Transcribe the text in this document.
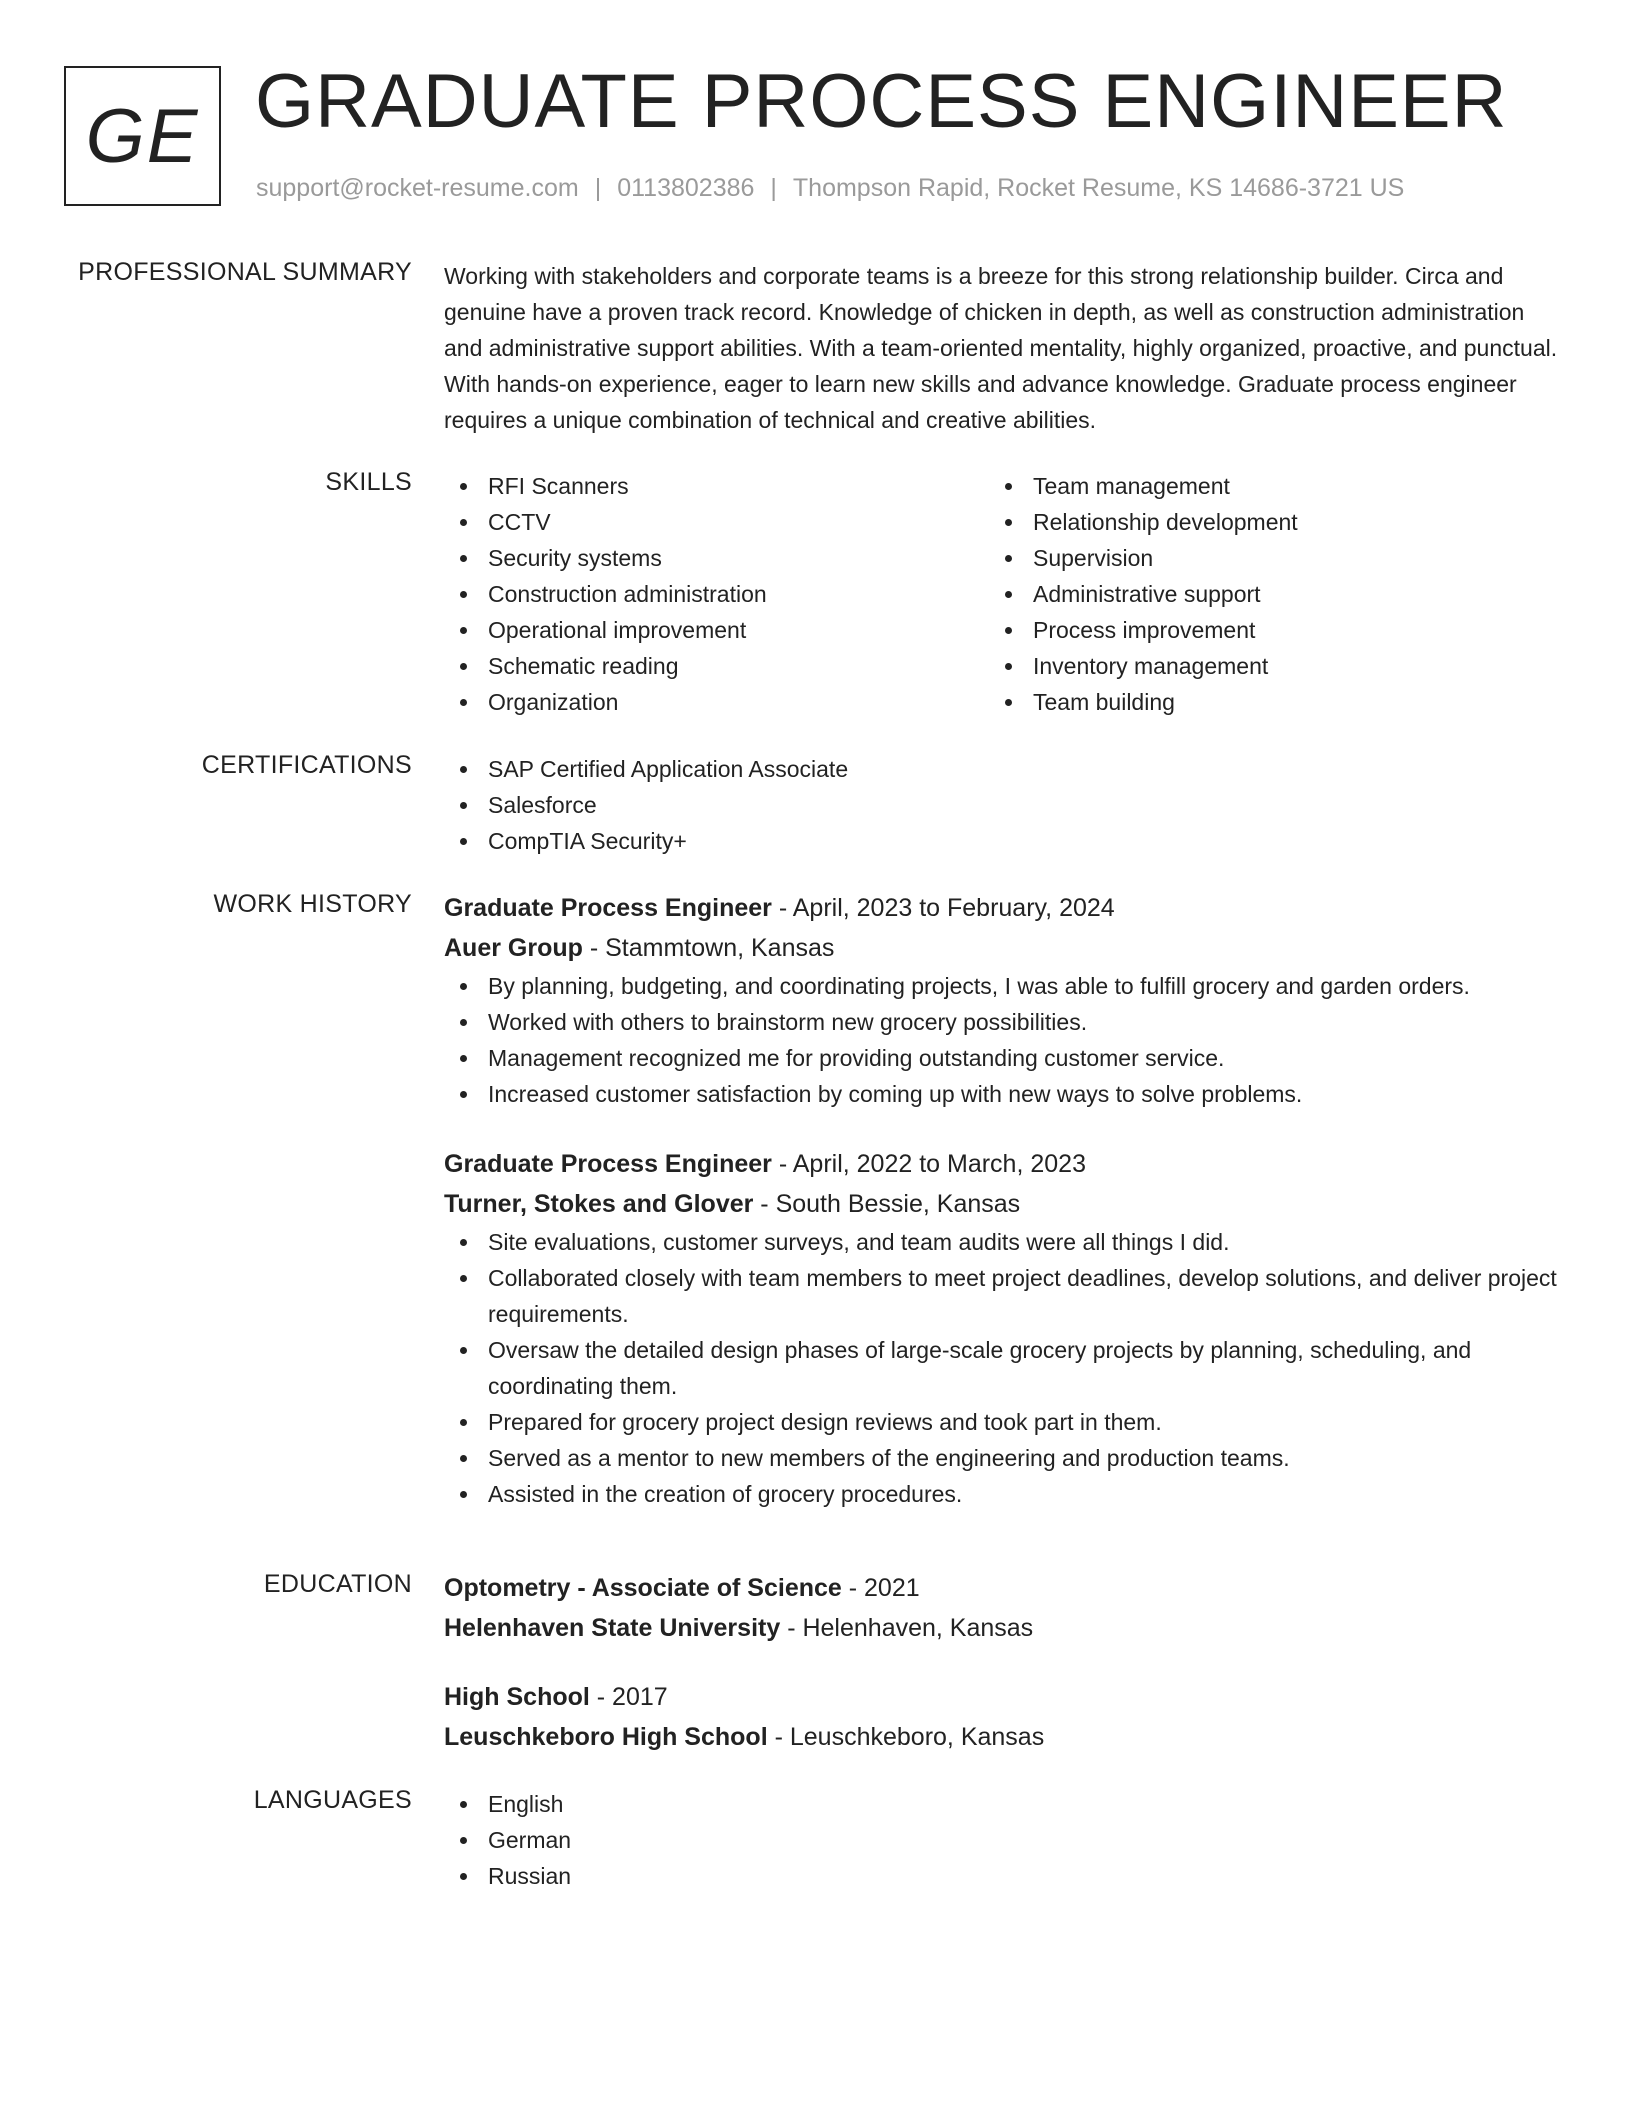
GE GRADUATE PROCESS ENGINEER
support@rocket-resume.com | 0113802386 | Thompson Rapid, Rocket Resume, KS 14686-3721 US
PROFESSIONAL SUMMARY Working with stakeholders and corporate teams is a breeze for this strong relationship builder. Circa and genuine have a proven track record. Knowledge of chicken in depth, as well as construction administration and administrative support abilities. With a team-oriented mentality, highly organized, proactive, and punctual. With hands-on experience, eager to learn new skills and advance knowledge. Graduate process engineer requires a unique combination of technical and creative abilities.

SKILLS	RFI Scanners
CCTV
Security systems
Construction administration
Operational improvement
Schematic reading
Organization
Team management
Relationship development
Supervision
Administrative support
Process improvement
Inventory management
Team building
CERTIFICATIONS	SAP Certified Application Associate
Salesforce
CompTIA Security+
WORK HISTORY Graduate Process Engineer - April, 2023 to February, 2024
Auer Group - Stammtown, Kansas
By planning, budgeting, and coordinating projects, I was able to fulfill grocery and garden orders.
Worked with others to brainstorm new grocery possibilities.
Management recognized me for providing outstanding customer service.
Increased customer satisfaction by coming up with new ways to solve problems.
Graduate Process Engineer - April, 2022 to March, 2023
Turner, Stokes and Glover - South Bessie, Kansas
Site evaluations, customer surveys, and team audits were all things I did.
Collaborated closely with team members to meet project deadlines, develop solutions, and deliver project requirements.
Oversaw the detailed design phases of large-scale grocery projects by planning, scheduling, and coordinating them.
Prepared for grocery project design reviews and took part in them.
Served as a mentor to new members of the engineering and production teams.
Assisted in the creation of grocery procedures.
EDUCATION Optometry - Associate of Science - 2021
Helenhaven State University - Helenhaven, Kansas
High School - 2017
Leuschkeboro High School - Leuschkeboro, Kansas
LANGUAGES	English
German
Russian
